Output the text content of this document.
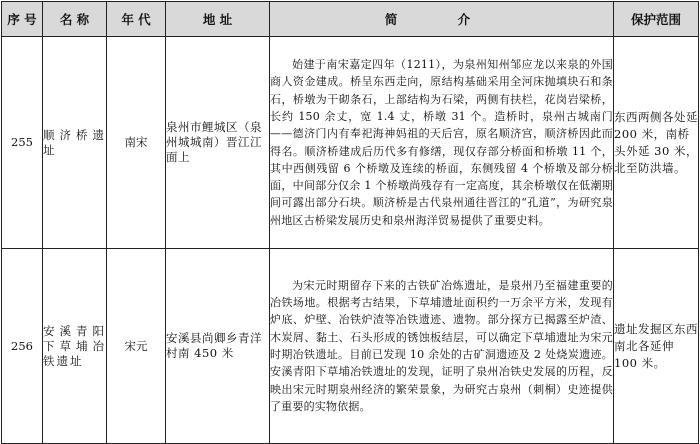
序 号	名 称	年 代	地 址	简 介	保护范围
255	顺济桥遗址	南宋	泉州市鲤城区（泉州城城南）晋江江面上	始建于南宋嘉定四年（1211），为泉州知州邹应龙以来泉的外国商人资金建成。桥呈东西走向，原结构基础采用全河床抛填块石和条石，桥墩为干砌条石，上部结构为石梁，两侧有扶栏，花岗岩梁桥，长约 150 余丈，宽 1.4 丈，桥墩 31 个。造桥时，泉州古城南门——德济门内有奉祀海神妈祖的天后宫，原名顺济宫，顺济桥因此而得名。顺济桥建成后历代多有修缮，现仅存部分桥面和桥墩 11 个，其中西侧残留 6 个桥墩及连续的桥面，东侧残留 4 个桥墩及部分桥面，中间部分仅余 1 个桥墩尚残存有一定高度，其余桥墩仅在低潮期间可露出部分石块。顺济桥是古代泉州通往晋江的“孔道”，为研究泉州地区古桥梁发展历史和泉州海洋贸易提供了重要史料。	东西两侧各处延 200 米，南桥头外延 30 米，北至防洪墙。
256	安溪青阳下草埔冶铁遗址	宋元	安溪县尚卿乡青洋村南 450 米	为宋元时期留存下来的古铁矿冶炼遗址，是泉州乃至福建重要的冶铁场地。根据考古结果，下草埔遗址面积约一万余平方米，发现有炉底、炉壁、冶铁炉渣等冶铁遗迹、遗物。部分探方已揭露至炉渣、木炭屑、黏土、石头形成的锈蚀板结层，可以确定下草埔遗址为宋元时期冶铁遗址。目前已发现 10 余处的古矿洞遗迹及 2 处烧炭遗迹。安溪青阳下草埔冶铁遗址的发现，证明了泉州冶铁史发展的历程，反映出宋元时期泉州经济的繁荣景象，为研究古泉州（刺桐）史迹提供了重要的实物依据。	遗址发掘区东西南北各延伸 100 米。
